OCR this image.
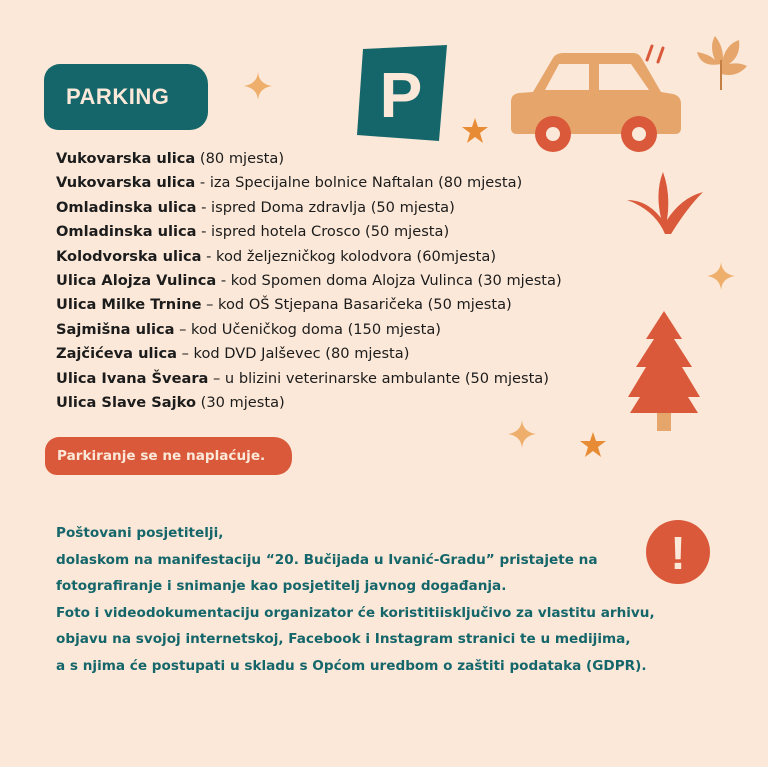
PARKING	P
Vukovarska ulica (80 mjesta)
Vukovarska ulica - iza Specijalne bolnice Naftalan (80 mjesta)
Omladinska ulica - ispred Doma zdravlja (50 mjesta)
Omladinska ulica - ispred hotela Crosco (50 mjesta)
Kolodvorska ulica - kod željezničkog kolodvora (60mjesta)
Ulica Alojza Vulinca - kod Spomen doma Alojza Vulinca (30 mjesta)
Ulica Milke Trnine – kod OŠ Stjepana Basaričeka (50 mjesta)
Sajmišna ulica – kod Učeničkog doma (150 mjesta)
Zajčićeva ulica – kod DVD Jalševec (80 mjesta)
Ulica Ivana Šveara – u blizini veterinarske ambulante (50 mjesta)
Ulica Slave Sajko (30 mjesta)
Parkiranje se ne naplaćuje.
Poštovani posjetitelji,
dolaskom na manifestaciju “20. Bučijada u Ivanić-Gradu” pristajete na
fotografiranje i snimanje kao posjetitelj javnog događanja.
Foto i videodokumentaciju organizator će koristitiisključivo za vlastitu arhivu,
objavu na svojoj internetskoj, Facebook i Instagram stranici te u medijima,
a s njima će postupati u skladu s Općom uredbom o zaštiti podataka (GDPR).
!
